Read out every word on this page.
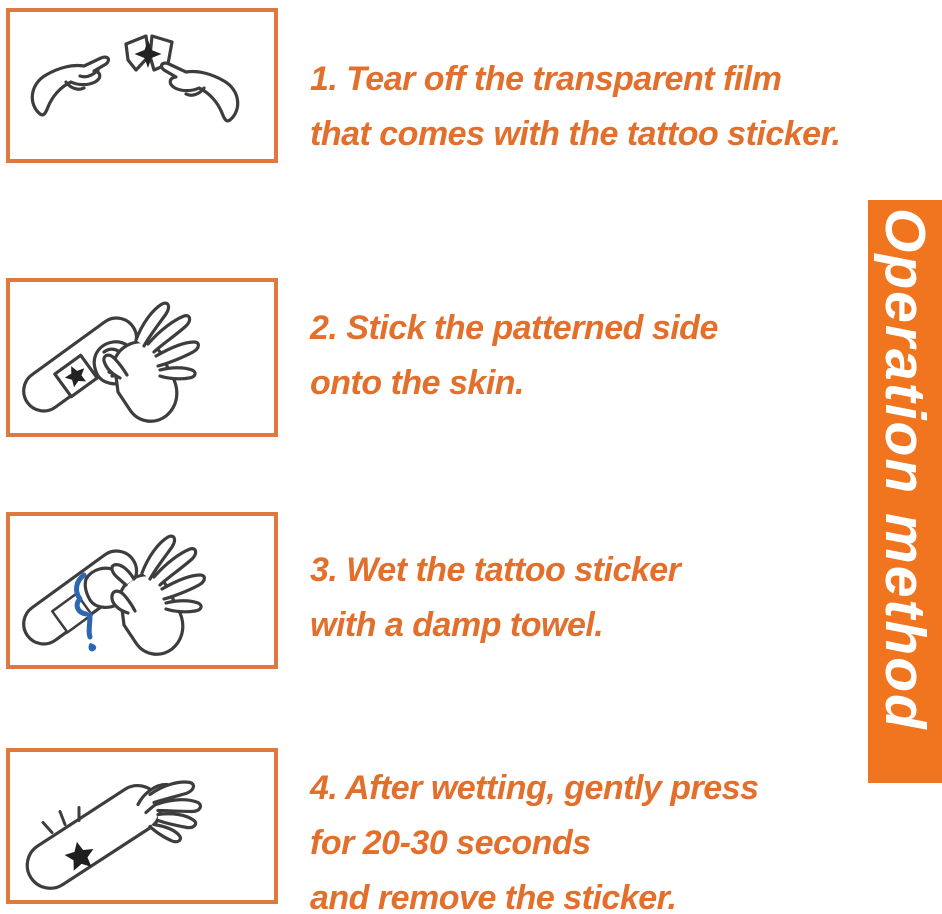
1. Tear off the transparent film
that comes with the tattoo sticker.
2. Stick the patterned side
onto the skin.
3. Wet the tattoo sticker
with a damp towel.
4. After wetting, gently press
for 20-30 seconds
and remove the sticker.
Operation method
